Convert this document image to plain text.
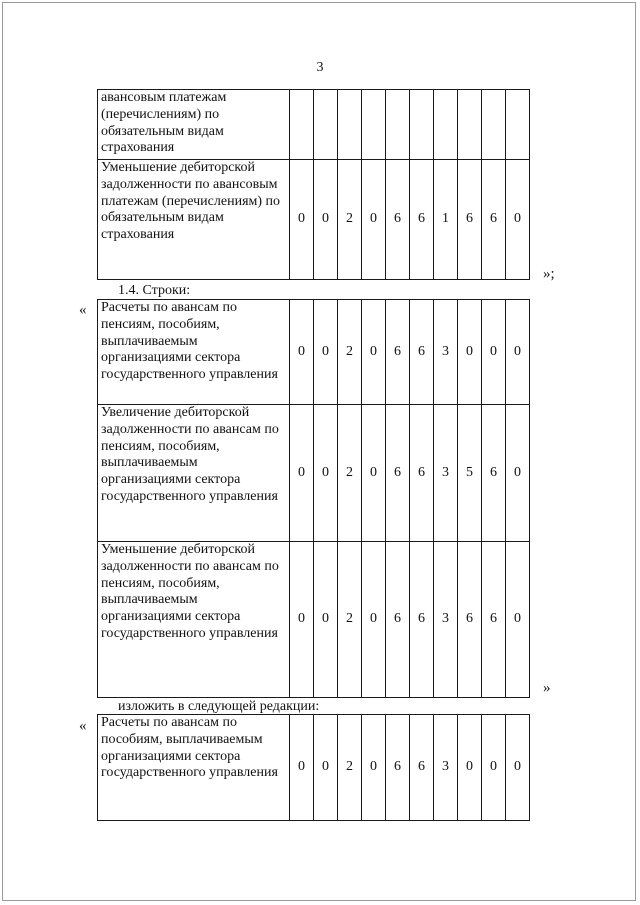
3
авансовым платежам (перечислениям) по обязательным видам страхования										
Уменьшение дебиторской задолженности по авансовым платежам (перечислениям) по обязательным видам страхования	0	0	2	0	6	6	1	6	6	0
»;
1.4. Строки:
« Расчеты по авансам по пенсиям, пособиям, выплачиваемым организациями сектора государственного управления	0	0	2	0	6	6	3	0	0	0
Увеличение дебиторской задолженности по авансам по пенсиям, пособиям, выплачиваемым организациями сектора государственного управления	0	0	2	0	6	6	3	5	6	0
Уменьшение дебиторской задолженности по авансам по пенсиям, пособиям, выплачиваемым организациями сектора государственного управления	0	0	2	0	6	6	3	6	6	0
»
изложить в следующей редакции:
« Расчеты по авансам по пособиям, выплачиваемым организациями сектора государственного управления	0	0	2	0	6	6	3	0	0	0
